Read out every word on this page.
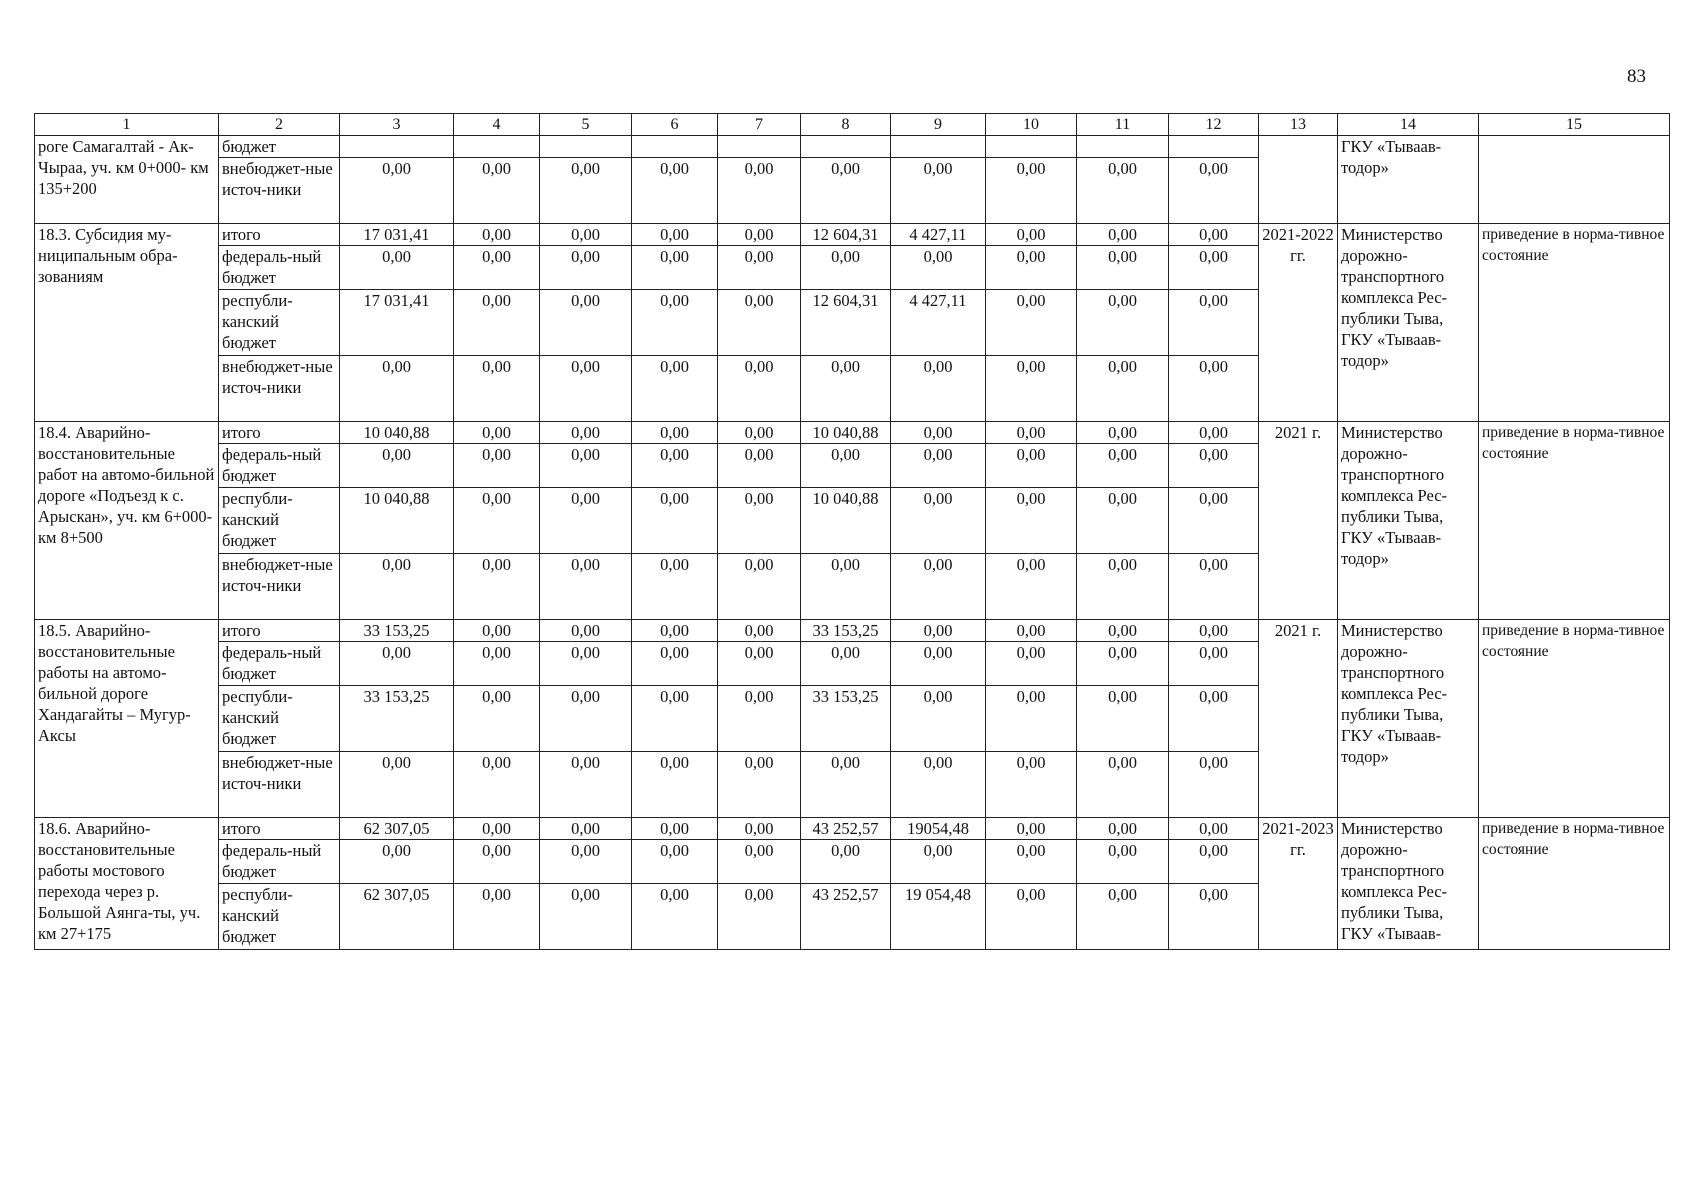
83
1	2	3	4	5	6	7	8	9	10	11	12	13	14	15
роге Самагалтай - Ак-Чыраа, уч. км 0+000- км 135+200	бюджет												ГКУ «Тываав-тодор»	
	внебюджет-ные источ-ники	0,00	0,00	0,00	0,00	0,00	0,00	0,00	0,00	0,00	0,00			
18.3. Субсидия му-ниципальным обра-зованиям	итого	17 031,41	0,00	0,00	0,00	0,00	12 604,31	4 427,11	0,00	0,00	0,00	2021-2022 гг.	Министерство дорожно-транспортного комплекса Рес-публики Тыва, ГКУ «Тываав-тодор»	приведение в норма-тивное состояние
	федераль-ный бюджет	0,00	0,00	0,00	0,00	0,00	0,00	0,00	0,00	0,00	0,00			
	республи-канский бюджет	17 031,41	0,00	0,00	0,00	0,00	12 604,31	4 427,11	0,00	0,00	0,00			
	внебюджет-ные источ-ники	0,00	0,00	0,00	0,00	0,00	0,00	0,00	0,00	0,00	0,00			
18.4. Аварийно-восстановительные работ на автомо-бильной дороге «Подъезд к с. Арыскан», уч. км 6+000-км 8+500	итого	10 040,88	0,00	0,00	0,00	0,00	10 040,88	0,00	0,00	0,00	0,00	2021 г.	Министерство дорожно-транспортного комплекса Рес-публики Тыва, ГКУ «Тываав-тодор»	приведение в норма-тивное состояние
	федераль-ный бюджет	0,00	0,00	0,00	0,00	0,00	0,00	0,00	0,00	0,00	0,00			
	республи-канский бюджет	10 040,88	0,00	0,00	0,00	0,00	10 040,88	0,00	0,00	0,00	0,00			
	внебюджет-ные источ-ники	0,00	0,00	0,00	0,00	0,00	0,00	0,00	0,00	0,00	0,00			
18.5. Аварийно-восстановительные работы на автомо-бильной дороге Хандагайты – Мугур-Аксы	итого	33 153,25	0,00	0,00	0,00	0,00	33 153,25	0,00	0,00	0,00	0,00	2021 г.	Министерство дорожно-транспортного комплекса Рес-публики Тыва, ГКУ «Тываав-тодор»	приведение в норма-тивное состояние
	федераль-ный бюджет	0,00	0,00	0,00	0,00	0,00	0,00	0,00	0,00	0,00	0,00			
	республи-канский бюджет	33 153,25	0,00	0,00	0,00	0,00	33 153,25	0,00	0,00	0,00	0,00			
	внебюджет-ные источ-ники	0,00	0,00	0,00	0,00	0,00	0,00	0,00	0,00	0,00	0,00			
18.6. Аварийно-восстановительные работы мостового перехода через р. Большой Аянга-ты, уч. км 27+175	итого	62 307,05	0,00	0,00	0,00	0,00	43 252,57	19054,48	0,00	0,00	0,00	2021-2023 гг.	Министерство дорожно-транспортного комплекса Рес-публики Тыва, ГКУ «Тываав-	приведение в норма-тивное состояние
	федераль-ный бюджет	0,00	0,00	0,00	0,00	0,00	0,00	0,00	0,00	0,00	0,00			
	республи-канский бюджет	62 307,05	0,00	0,00	0,00	0,00	43 252,57	19 054,48	0,00	0,00	0,00			
